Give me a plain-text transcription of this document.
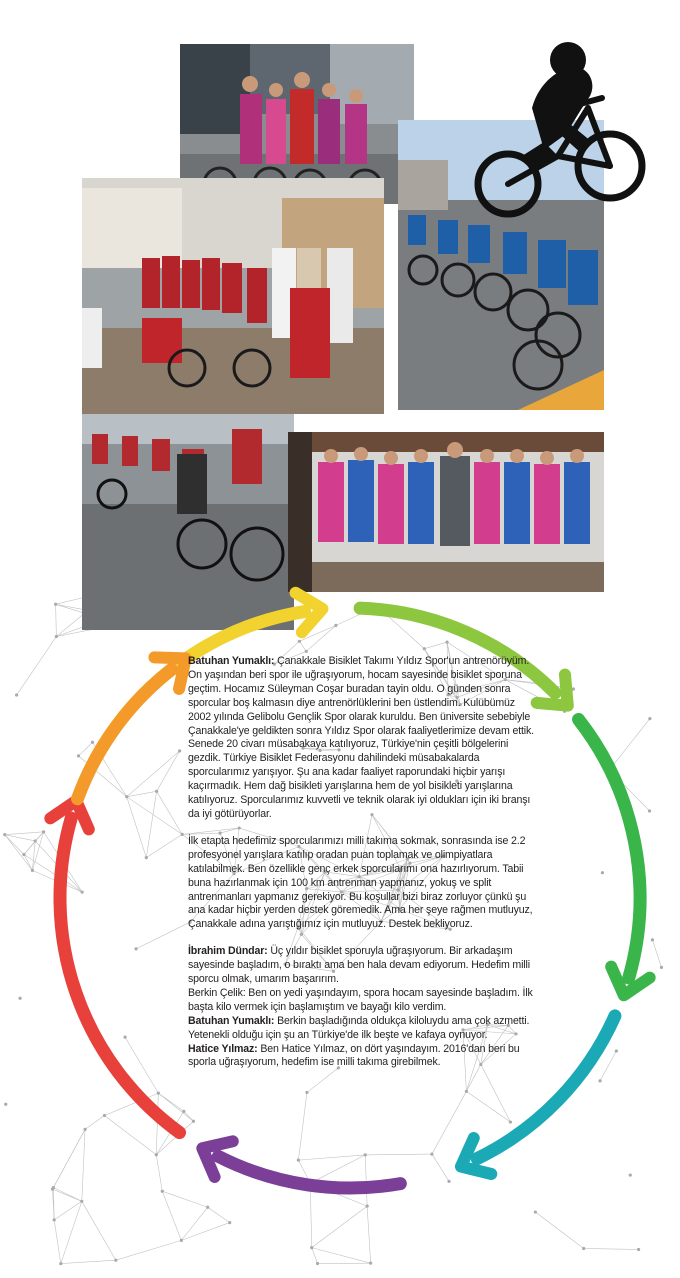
Batuhan Yumaklı: Çanakkale Bisiklet Takımı Yıldız Spor'un antrenörüyüm. On yaşından beri spor ile uğraşıyorum, hocam sayesinde bisiklet sporuna geçtim. Hocamız Süleyman Coşar buradan tayin oldu. O günden sonra sporcular boş kalmasın diye antrenörlüklerini ben üstlendim. Kulübümüz 2002 yılında Gelibolu Gençlik Spor olarak kuruldu. Ben üniversite sebebiyle Çanakkale'ye geldikten sonra Yıldız Spor olarak faaliyetlerimize devam ettik. Senede 20 civarı müsabakaya katılıyoruz, Türkiye'nin çeşitli bölgelerini gezdik. Türkiye Bisiklet Federasyonu dahilindeki müsabakalarda sporcularımız yarışıyor. Şu ana kadar faaliyet raporundaki hiçbir yarışı kaçırmadık. Hem dağ bisikleti yarışlarına hem de yol bisikleti yarışlarına katılıyoruz. Sporcularımız kuvvetli ve teknik olarak iyi oldukları için iki branşı da iyi götürüyorlar.

İlk etapta hedefimiz sporcularımızı milli takıma sokmak, sonrasında ise 2.2 profesyonel yarışlara katılıp oradan puan toplamak ve olimpiyatlara katılabilmek. Ben özellikle genç erkek sporcularımı ona hazırlıyorum. Tabii buna hazırlanmak için 100 km antrenman yapmanız, yokuş ve split antrenmanları yapmanız gerekiyor. Bu koşullar bizi biraz zorluyor çünkü şu ana kadar hiçbir yerden destek göremedik. Ama her şeye rağmen mutluyuz, Çanakkale adına yarıştığımız için mutluyuz. Destek bekliyoruz.

İbrahim Dündar: Üç yıldır bisiklet sporuyla uğraşıyorum. Bir arkadaşım sayesinde başladım, o bıraktı ama ben hala devam ediyorum. Hedefim milli sporcu olmak, umarım başarırım.

Berkin Çelik: Ben on yedi yaşındayım, spora hocam sayesinde başladım. İlk başta kilo vermek için başlamıştım ve bayağı kilo verdim.

Batuhan Yumaklı: Berkin başladığında oldukça kiloluydu ama çok azmetti. Yetenekli olduğu için şu an Türkiye'de ilk beşte ve kafaya oynuyor.

Hatice Yılmaz: Ben Hatice Yılmaz, on dört yaşındayım. 2016'dan beri bu sporla uğraşıyorum, hedefim ise milli takıma girebilmek.
